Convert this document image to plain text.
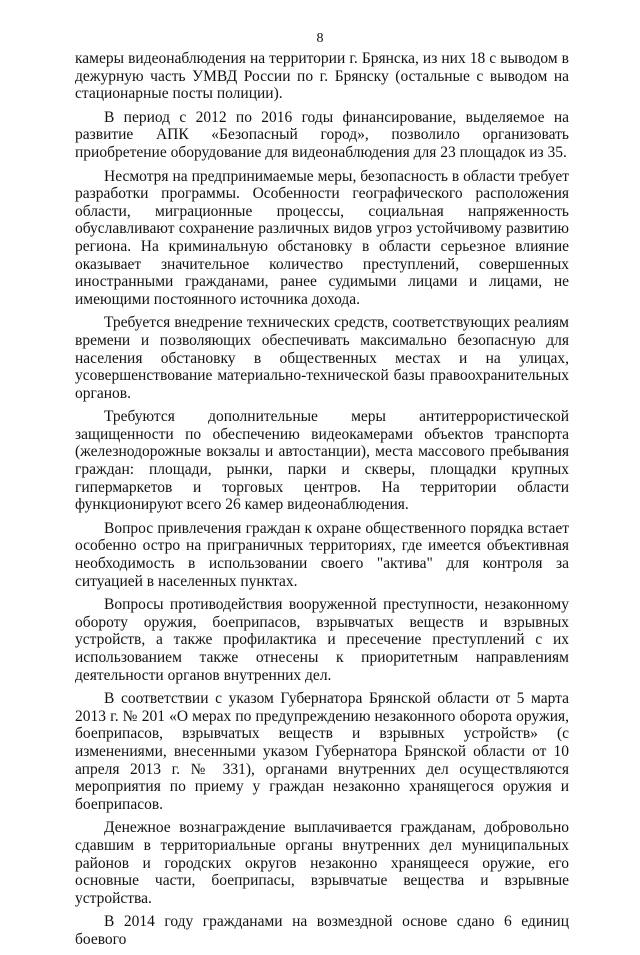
8

камеры видеонаблюдения на территории г. Брянска, из них 18 с выводом в дежурную часть УМВД России по г. Брянску (остальные с выводом на стационарные посты полиции).

В период с 2012 по 2016 годы финансирование, выделяемое на развитие АПК «Безопасный город», позволило организовать приобретение оборудование для видеонаблюдения для 23 площадок из 35.

Несмотря на предпринимаемые меры, безопасность в области требует разработки программы. Особенности географического расположения области, миграционные процессы, социальная напряженность обуславливают сохранение различных видов угроз устойчивому развитию региона. На криминальную обстановку в области серьезное влияние оказывает значительное количество преступлений, совершенных иностранными гражданами, ранее судимыми лицами и лицами, не имеющими постоянного источника дохода.

Требуется внедрение технических средств, соответствующих реалиям времени и позволяющих обеспечивать максимально безопасную для населения обстановку в общественных местах и на улицах, усовершенствование материально-технической базы правоохранительных органов.

Требуются дополнительные меры антитеррористической защищенности по обеспечению видеокамерами объектов транспорта (железнодорожные вокзалы и автостанции), места массового пребывания граждан: площади, рынки, парки и скверы, площадки крупных гипермаркетов и торговых центров. На территории области функционируют всего 26 камер видеонаблюдения.

Вопрос привлечения граждан к охране общественного порядка встает особенно остро на приграничных территориях, где имеется объективная необходимость в использовании своего "актива" для контроля за ситуацией в населенных пунктах.

Вопросы противодействия вооруженной преступности, незаконному обороту оружия, боеприпасов, взрывчатых веществ и взрывных устройств, а также профилактика и пресечение преступлений с их использованием также отнесены к приоритетным направлениям деятельности органов внутренних дел.

В соответствии с указом Губернатора Брянской области от 5 марта 2013 г. № 201 «О мерах по предупреждению незаконного оборота оружия, боеприпасов, взрывчатых веществ и взрывных устройств» (с изменениями, внесенными указом Губернатора Брянской области от 10 апреля 2013 г. № 331), органами внутренних дел осуществляются мероприятия по приему у граждан незаконно хранящегося оружия и боеприпасов.

Денежное вознаграждение выплачивается гражданам, добровольно сдавшим в территориальные органы внутренних дел муниципальных районов и городских округов незаконно хранящееся оружие, его основные части, боеприпасы, взрывчатые вещества и взрывные устройства.

В 2014 году гражданами на возмездной основе сдано 6 единиц боевого
